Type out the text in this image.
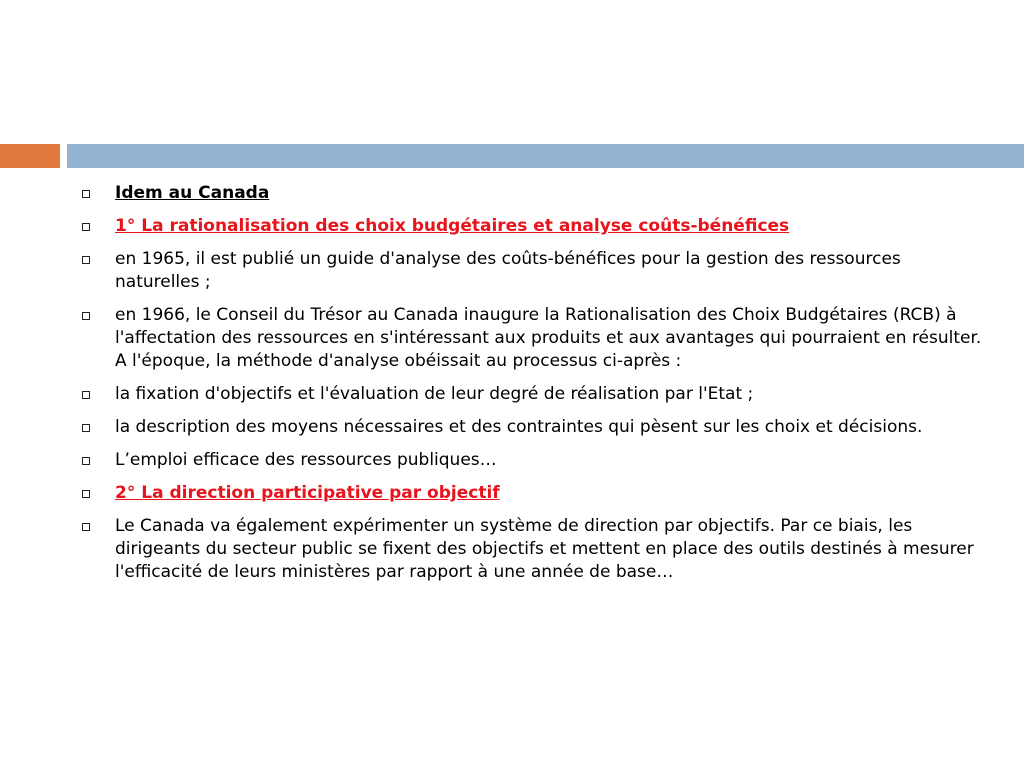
Idem au Canada
1° La rationalisation des choix budgétaires et analyse coûts-bénéfices
en 1965, il est publié un guide d'analyse des coûts-bénéfices pour la gestion des ressources naturelles ;
en 1966, le Conseil du Trésor au Canada inaugure la Rationalisation des Choix Budgétaires (RCB) à l'affectation des ressources en s'intéressant aux produits et aux avantages qui pourraient en résulter. A l'époque, la méthode d'analyse obéissait au processus ci-après :
la fixation d'objectifs et l'évaluation de leur degré de réalisation par l'Etat ;
la description des moyens nécessaires et des contraintes qui pèsent sur les choix et décisions.
L’emploi efficace des ressources publiques…
2° La direction participative par objectif
Le Canada va également expérimenter un système de direction par objectifs. Par ce biais, les dirigeants du secteur public se fixent des objectifs et mettent en place des outils destinés à mesurer l'efficacité de leurs ministères par rapport à une année de base…
